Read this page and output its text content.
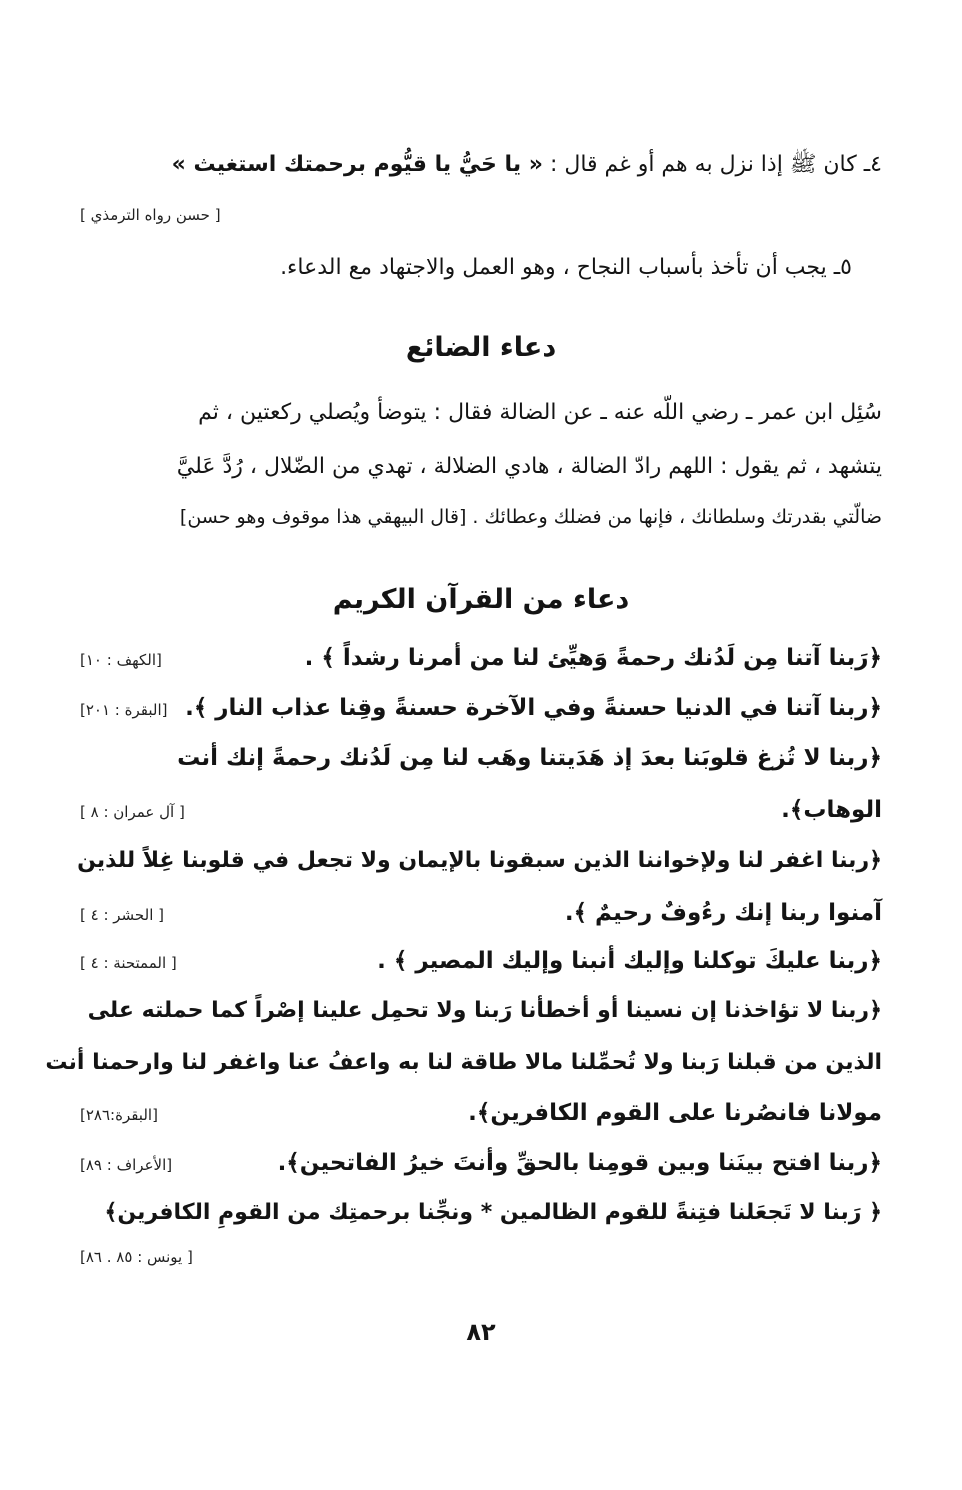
٤ـ كان ﷺ إذا نزل به هم أو غم قال : « يا حَيُّ يا قيُّوم برحمتك استغيث »
[ حسن رواه الترمذي ]
٥ـ يجب أن تأخذ بأسباب النجاح ، وهو العمل والاجتهاد مع الدعاء.
دعاء الضائع
سُئِل ابن عمر ـ رضي اللّه عنه ـ عن الضالة فقال : يتوضأ ويُصلي ركعتين ، ثم
يتشهد ، ثم يقول : اللهم رادّ الضالة ، هادي الضلالة ، تهدي من الضّلال ، رُدَّ عَليَّ
ضالّتي بقدرتك وسلطانك ، فإنها من فضلك وعطائك . [قال البيهقي هذا موقوف وهو حسن]
دعاء من القرآن الكريم
﴿رَبنا آتنا مِن لَدُنك رحمةً وَهيِّئ لنا من أمرنا رشداً ﴾ .
[الكهف : ١٠]
﴿ربنا آتنا في الدنيا حسنةً وفي الآخرة حسنةً وقِنا عذاب النار ﴾.
[البقرة : ٢٠١]
﴿ربنا لا تُزغ قلوبَنا بعدَ إذ هَدَيتنا وهَب لنا مِن لَدُنك رحمةً إنك أنت
الوهاب﴾.
[ آل عمران : ٨ ]
﴿ربنا اغفر لنا ولإخواننا الذين سبقونا بالإيمان ولا تجعل في قلوبنا غِلاً للذين
آمنوا ربنا إنك رءُوفٌ رحيمٌ ﴾.
[ الحشر : ٤ ]
﴿ربنا عليكَ توكلنا وإليك أنبنا وإليك المصير ﴾ .
[ الممتحنة : ٤ ]
﴿ربنا لا تؤاخذنا إن نسينا أو أخطأنا رَبنا ولا تحمِل علينا إصْراً كما حملته على
الذين من قبلنا رَبنا ولا تُحمِّلنا مالا طاقة لنا به واعفُ عنا واغفر لنا وارحمنا أنت
مولانا فانصُرنا على القوم الكافرين﴾.
[البقرة:٢٨٦]
﴿ربنا افتح بينَنا وبين قومِنا بالحقِّ وأنتَ خيرُ الفاتحين﴾.
[الأعراف : ٨٩]
﴿ رَبنا لا تَجعَلنا فتِنةً للقوم الظالمين * ونجِّنا برحمتِك من القومِ الكافرين﴾
[ يونس : ٨٥ . ٨٦]
٨٢
